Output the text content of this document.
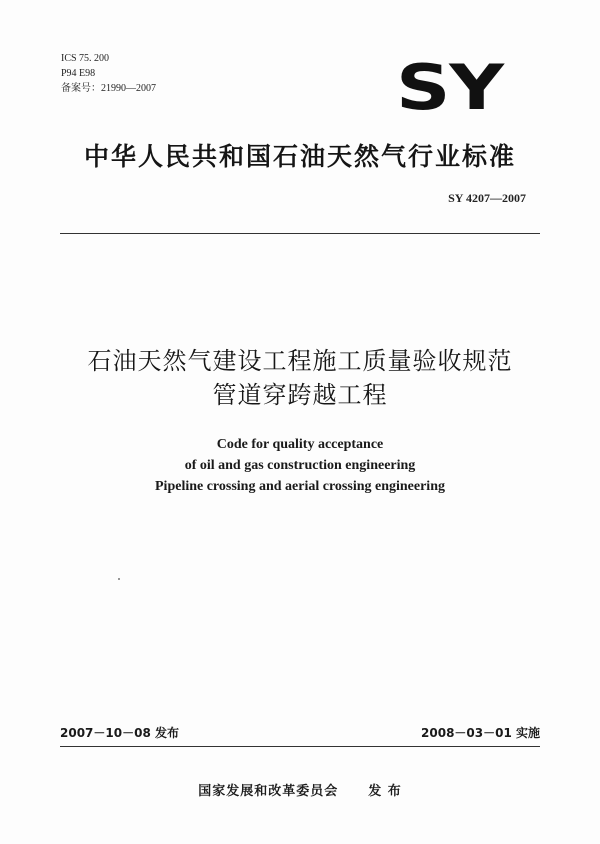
ICS 75. 200
P94 E98
备案号：21990—2007	SY
中华人民共和国石油天然气行业标准
SY 4207—2007
石油天然气建设工程施工质量验收规范
管道穿跨越工程
Code for quality acceptance
of oil and gas construction engineering
Pipeline crossing and aerial crossing engineering
2007－10－08 发布	2008－03－01 实施
国家发展和改革委员会 发 布
